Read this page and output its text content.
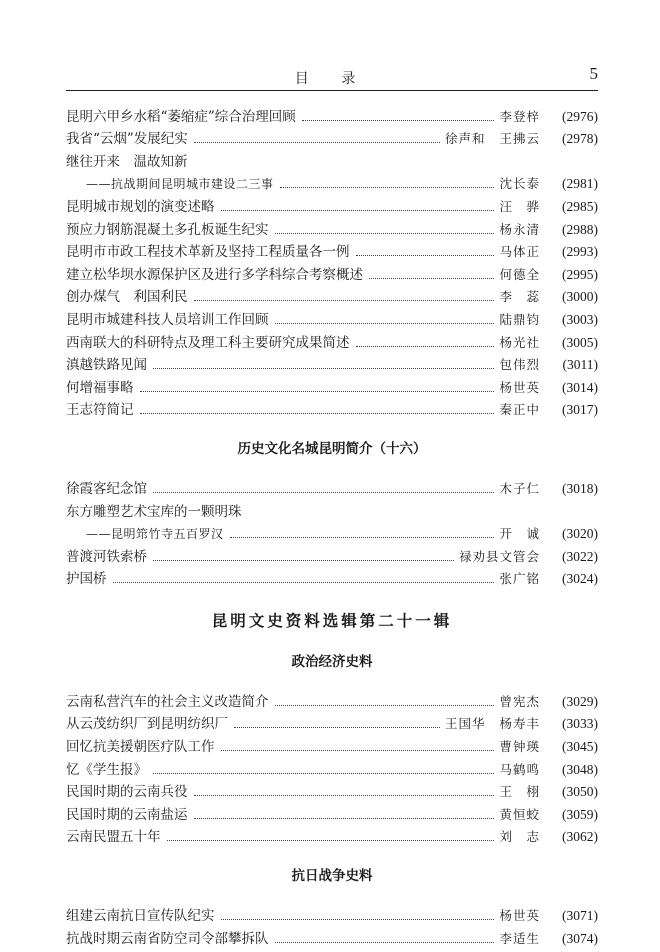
目 录	5
昆明六甲乡水稻“萎缩症”综合治理回顾	李登梓	(2976)
我省“云烟”发展纪实	徐声和 王拂云	(2978)
继往开来　温故知新
——抗战期间昆明城市建设二三事	沈长泰	(2981)
昆明城市规划的演变述略	汪　骅	(2985)
预应力钢筋混凝土多孔板诞生纪实	杨永清	(2988)
昆明市市政工程技术革新及坚持工程质量各一例	马体正	(2993)
建立松华坝水源保护区及进行多学科综合考察概述	何德全	(2995)
创办煤气　利国利民	李　蕊	(3000)
昆明市城建科技人员培训工作回顾	陆鼎钧	(3003)
西南联大的科研特点及理工科主要研究成果简述	杨光社	(3005)
滇越铁路见闻	包伟烈	(3011)
何增福事略	杨世英	(3014)
王志符简记	秦正中	(3017)
历史文化名城昆明简介（十六）
徐霞客纪念馆	木子仁	(3018)
东方雕塑艺术宝库的一颗明珠
——昆明筇竹寺五百罗汉	开　诚	(3020)
普渡河铁索桥	禄劝县文管会	(3022)
护国桥	张广铭	(3024)
昆明文史资料选辑第二十一辑
政治经济史料
云南私营汽车的社会主义改造简介	曾宪杰	(3029)
从云茂纺织厂到昆明纺织厂	王国华 杨寿丰	(3033)
回忆抗美援朝医疗队工作	曹钟瑛	(3045)
忆《学生报》	马鹤鸣	(3048)
民国时期的云南兵役	王　栩	(3050)
民国时期的云南盐运	黄恒蛟	(3059)
云南民盟五十年	刘　志	(3062)
抗日战争史料
组建云南抗日宣传队纪实	杨世英	(3071)
抗战时期云南省防空司令部攀拆队	李适生	(3074)
